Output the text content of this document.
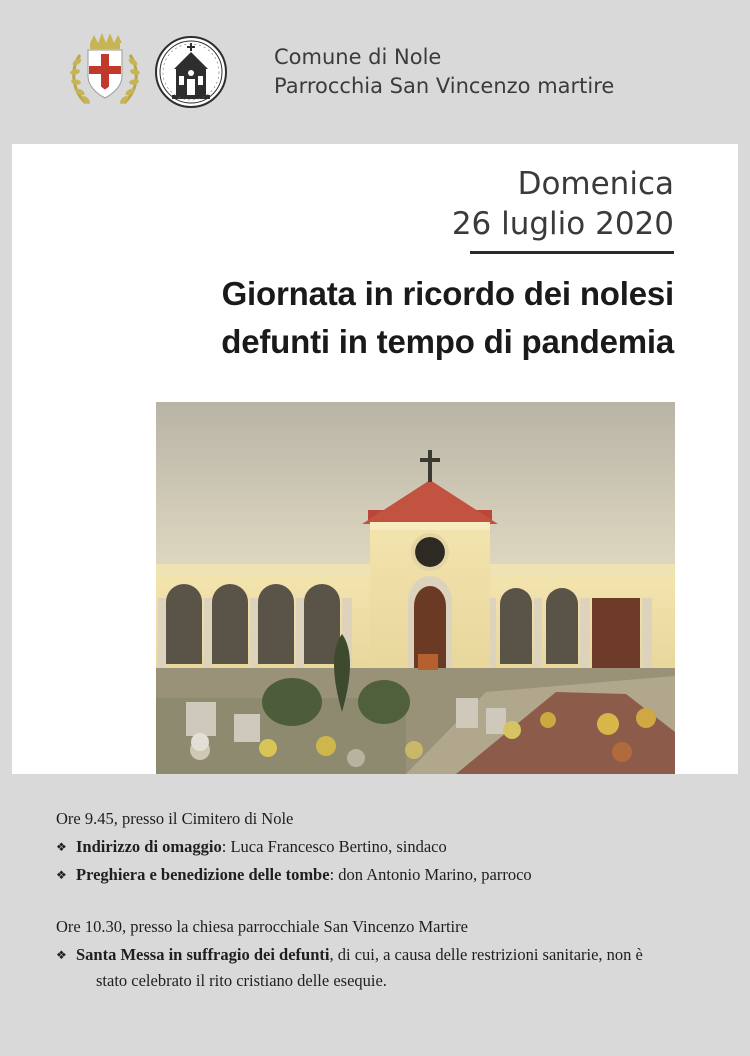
Comune di Nole
Parrocchia San Vincenzo martire
Domenica
26 luglio 2020
Giornata in ricordo dei nolesi
defunti in tempo di pandemia

Ore 9.45, presso il Cimitero di Nole

❖ Indirizzo di omaggio: Luca Francesco Bertino, sindaco
❖ Preghiera e benedizione delle tombe: don Antonio Marino, parroco

Ore 10.30, presso la chiesa parrocchiale San Vincenzo Martire

❖ Santa Messa in suffragio dei defunti, di cui, a causa delle restrizioni sanitarie, non è
stato celebrato il rito cristiano delle esequie.
